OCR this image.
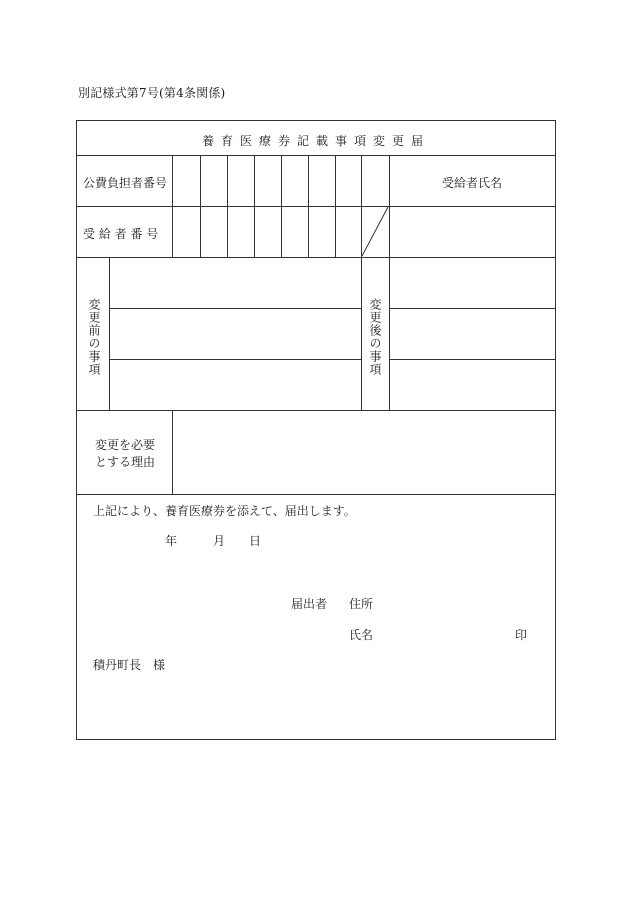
別記様式第7号(第4条関係)
養育医療券記載事項変更届
公費負担者番号	受給者氏名
受 給 者 番 号
変更前の事項	変更後の事項
変更を必要
とする理由
上記により、養育医療券を添えて、届出します。
年	月 日
届出者 住所
氏名	印
積丹町長　様
